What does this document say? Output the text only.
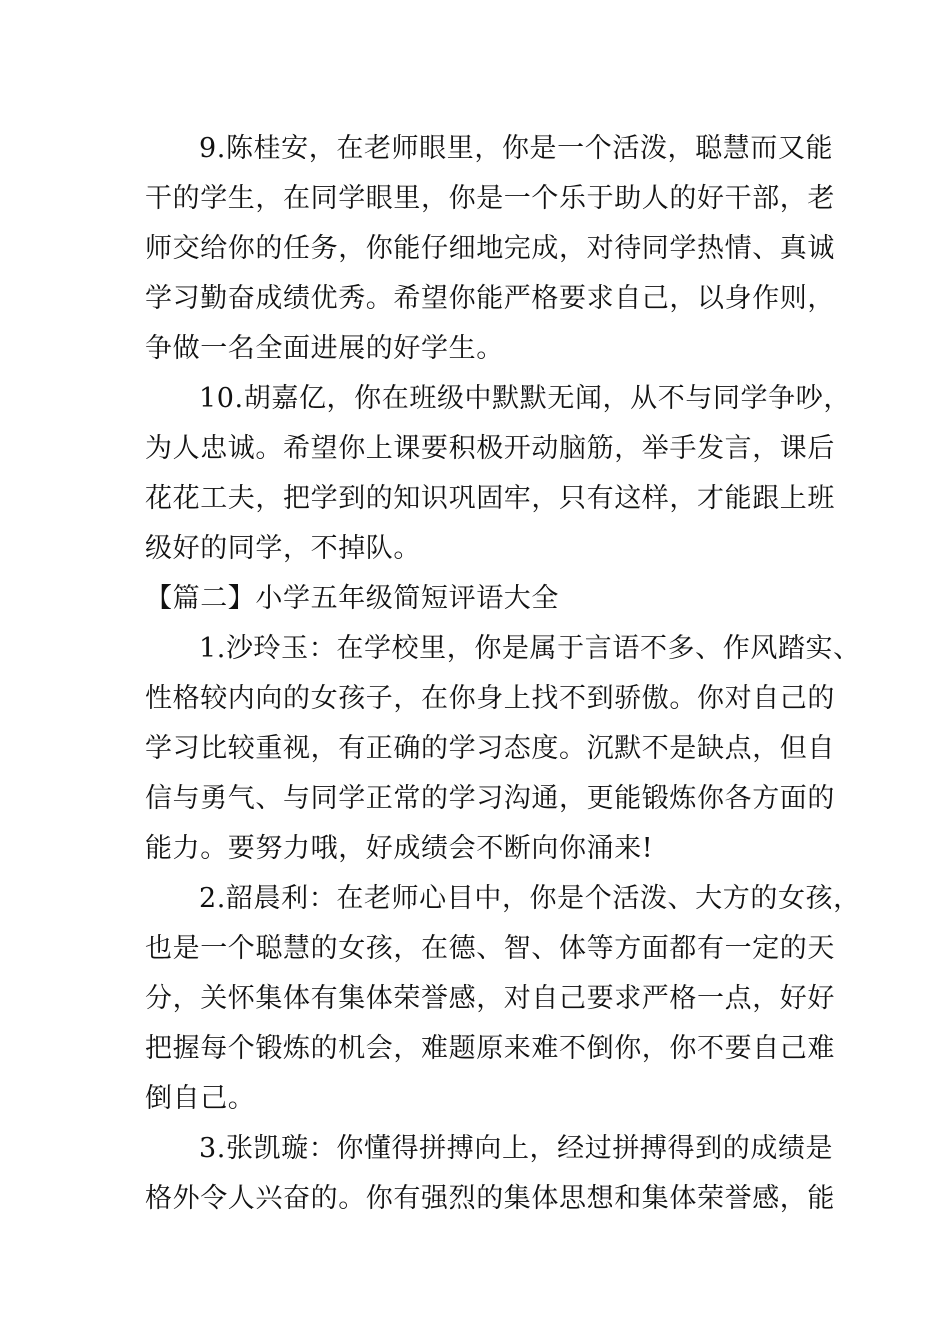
9.陈桂安，在老师眼里，你是一个活泼，聪慧而又能
干的学生，在同学眼里，你是一个乐于助人的好干部，老
师交给你的任务，你能仔细地完成，对待同学热情、真诚
学习勤奋成绩优秀。希望你能严格要求自己，以身作则，
争做一名全面进展的好学生。
10.胡嘉亿，你在班级中默默无闻，从不与同学争吵，
为人忠诚。希望你上课要积极开动脑筋，举手发言，课后
花花工夫，把学到的知识巩固牢，只有这样，才能跟上班
级好的同学，不掉队。
【篇二】小学五年级简短评语大全
1.沙玲玉：在学校里，你是属于言语不多、作风踏实、
性格较内向的女孩子，在你身上找不到骄傲。你对自己的
学习比较重视，有正确的学习态度。沉默不是缺点，但自
信与勇气、与同学正常的学习沟通，更能锻炼你各方面的
能力。要努力哦，好成绩会不断向你涌来!
2.韶晨利：在老师心目中，你是个活泼、大方的女孩，
也是一个聪慧的女孩，在德、智、体等方面都有一定的天
分，关怀集体有集体荣誉感，对自己要求严格一点，好好
把握每个锻炼的机会，难题原来难不倒你，你不要自己难
倒自己。
3.张凯璇：你懂得拼搏向上，经过拼搏得到的成绩是
格外令人兴奋的。你有强烈的集体思想和集体荣誉感，能
